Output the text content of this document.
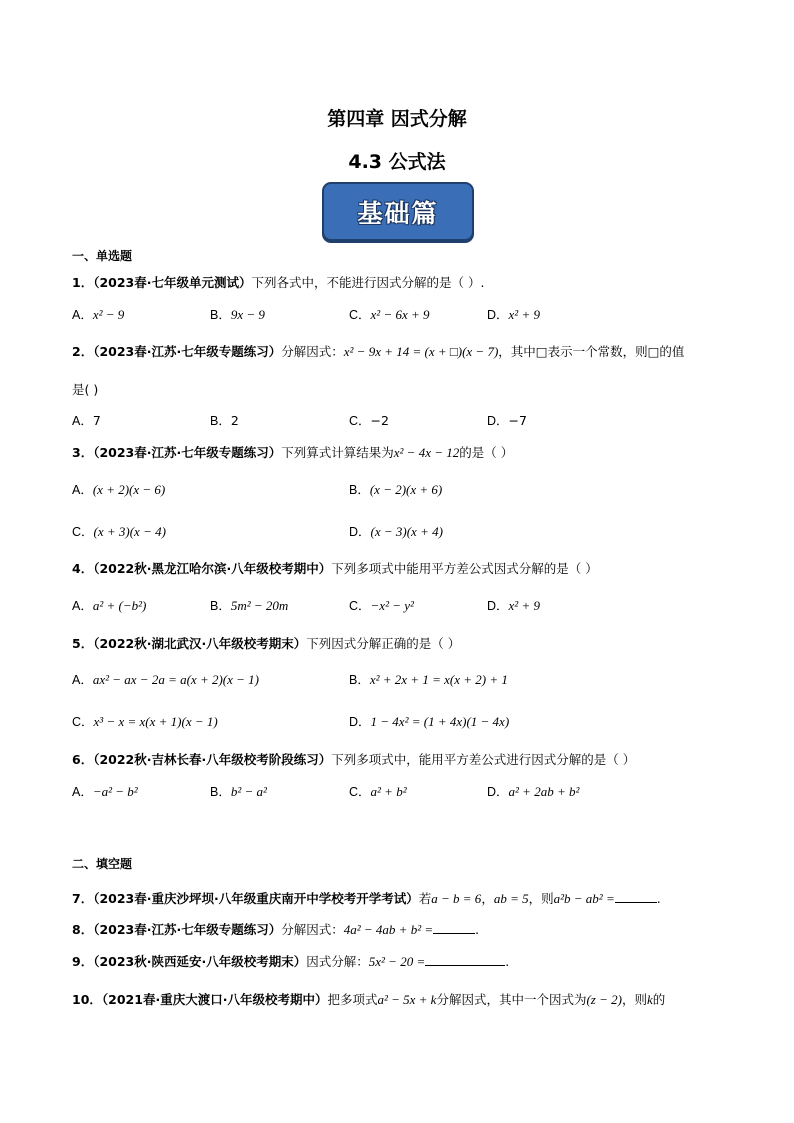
第四章 因式分解
4.3 公式法
基础篇
一、单选题
1．（2023春·七年级单元测试）下列各式中，不能进行因式分解的是（ ）.
A．x² − 9	B．9x − 9	C．x² − 6x + 9	D．x² + 9
2．（2023春·江苏·七年级专题练习）分解因式：x² − 9x + 14 = (x + □)(x − 7)，其中□表示一个常数，则□的值
是( )
A．7	B．2	C．−2	D．−7
3．（2023春·江苏·七年级专题练习）下列算式计算结果为x² − 4x − 12的是（ ）
A．(x + 2)(x − 6)	B．(x − 2)(x + 6)
C．(x + 3)(x − 4)	D．(x − 3)(x + 4)
4．（2022秋·黑龙江哈尔滨·八年级校考期中）下列多项式中能用平方差公式因式分解的是（ ）
A．a² + (−b²)	B．5m² − 20m	C．−x² − y²	D．x² + 9
5．（2022秋·湖北武汉·八年级校考期末）下列因式分解正确的是（ ）
A．ax² − ax − 2a = a(x + 2)(x − 1)	B．x² + 2x + 1 = x(x + 2) + 1
C．x³ − x = x(x + 1)(x − 1)	D．1 − 4x² = (1 + 4x)(1 − 4x)
6．（2022秋·吉林长春·八年级校考阶段练习）下列多项式中，能用平方差公式进行因式分解的是（ ）
A．−a² − b²	B．b² − a²	C．a² + b²	D．a² + 2ab + b²
二、填空题
7．（2023春·重庆沙坪坝·八年级重庆南开中学校考开学考试）若a − b = 6，ab = 5，则a²b − ab² =	.
8．（2023春·江苏·七年级专题练习）分解因式：4a² − 4ab + b² =	.
9．（2023秋·陕西延安·八年级校考期末）因式分解：5x² − 20 =	.
10．（2021春·重庆大渡口·八年级校考期中）把多项式a² − 5x + k分解因式，其中一个因式为(z − 2)，则k的
